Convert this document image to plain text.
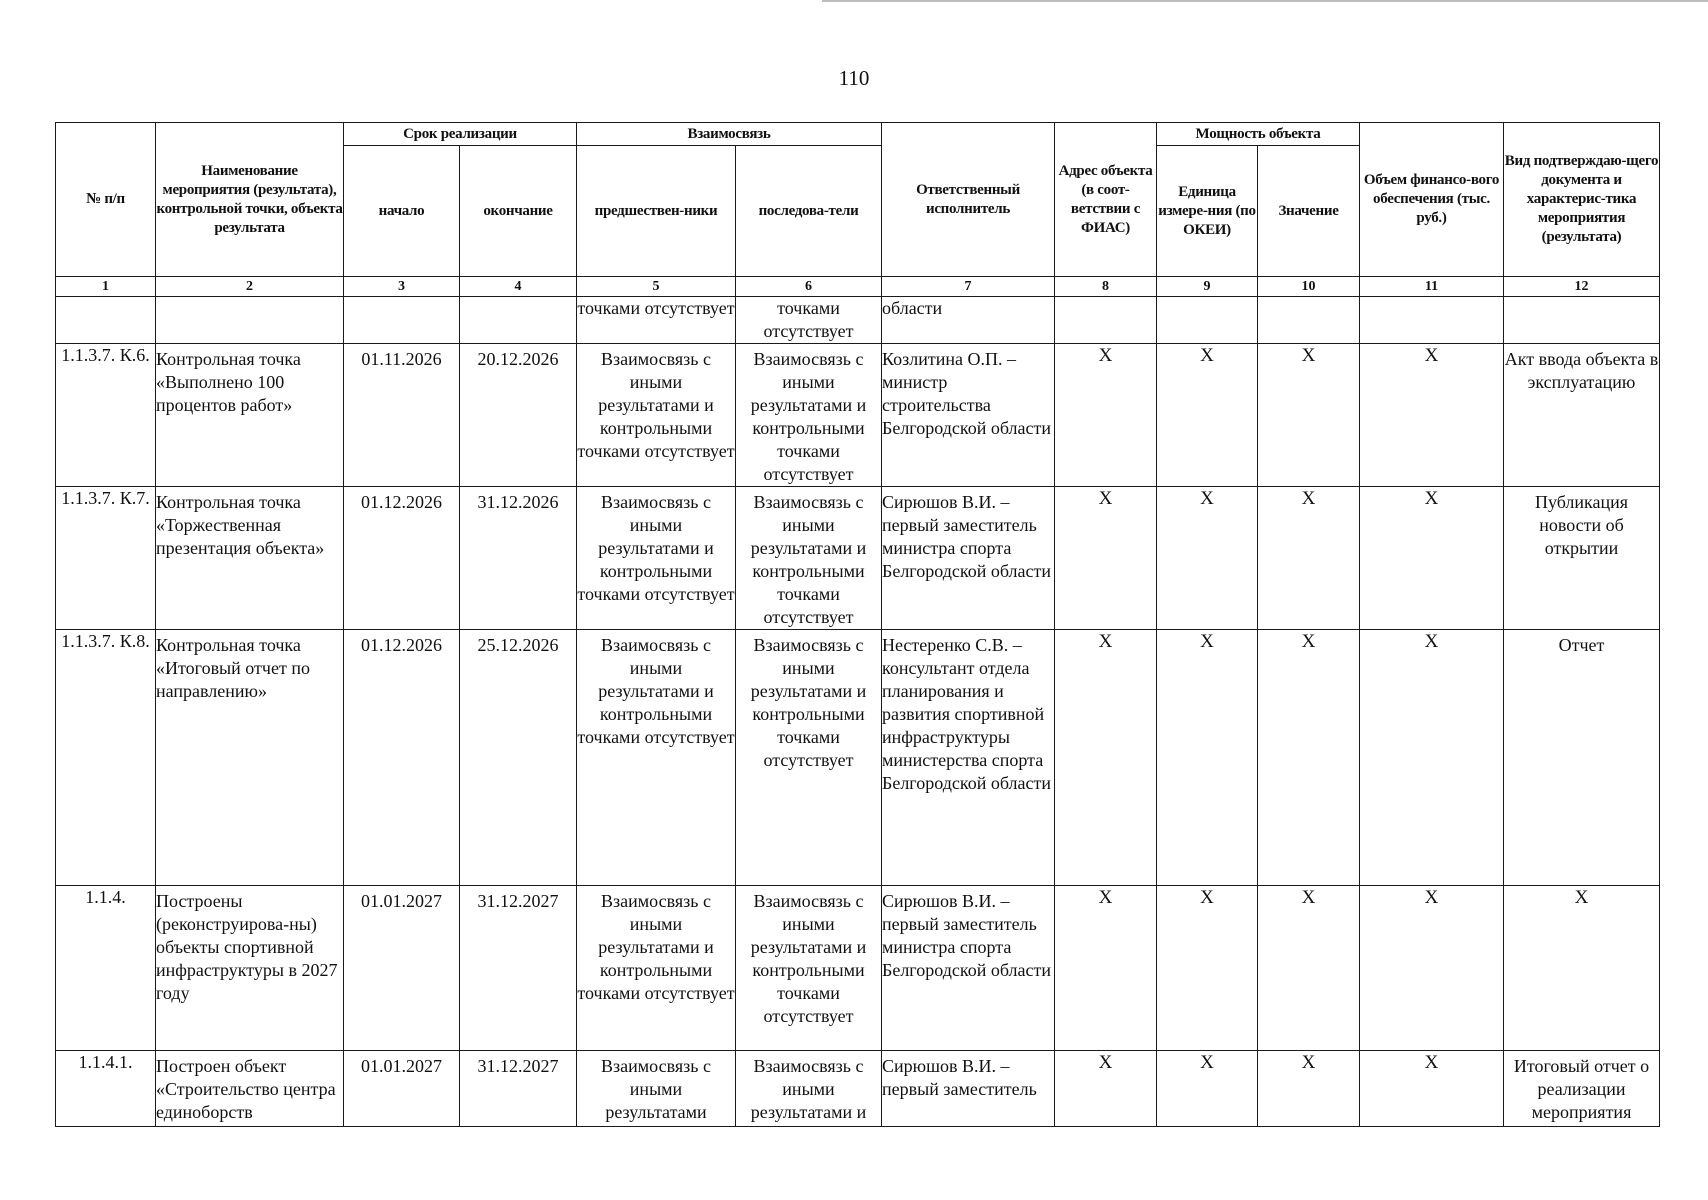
110
№ п/п	Наименование мероприятия (результата), контрольной точки, объекта результата	Срок реализации		Взаимосвязь		Ответственный исполнитель	Адрес объекта (в соот-ветствии с ФИАС)	Мощность объекта		Объем финансо-вого обеспечения (тыс. руб.)	Вид подтверждаю-щего документа и характерис-тика мероприятия (результата)
		начало	окончание	предшествен-ники	последова-тели			Единица измере-ния (по ОКЕИ)	Значение		
1	2	3	4	5	6	7	8	9	10	11	12
				точками отсутствует	точками отсутствует	области					
1.1.3.7. К.6.	Контрольная точка «Выполнено 100 процентов работ»	01.11.2026	20.12.2026	Взаимосвязь с иными результатами и контрольными точками отсутствует	Взаимосвязь с иными результатами и контрольными точками отсутствует	Козлитина О.П. – министр строительства Белгородской области	Х	Х	Х	Х	Акт ввода объекта в эксплуатацию
1.1.3.7. К.7.	Контрольная точка «Торжественная презентация объекта»	01.12.2026	31.12.2026	Взаимосвязь с иными результатами и контрольными точками отсутствует	Взаимосвязь с иными результатами и контрольными точками отсутствует	Сирюшов В.И. – первый заместитель министра спорта Белгородской области	Х	Х	Х	Х	Публикация новости об открытии
1.1.3.7. К.8.	Контрольная точка «Итоговый отчет по направлению»	01.12.2026	25.12.2026	Взаимосвязь с иными результатами и контрольными точками отсутствует	Взаимосвязь с иными результатами и контрольными точками отсутствует	Нестеренко С.В. – консультант отдела планирования и развития спортивной инфраструктуры министерства спорта Белгородской области	Х	Х	Х	Х	Отчет
1.1.4.	Построены (реконструирова-ны) объекты спортивной инфраструктуры в 2027 году	01.01.2027	31.12.2027	Взаимосвязь с иными результатами и контрольными точками отсутствует	Взаимосвязь с иными результатами и контрольными точками отсутствует	Сирюшов В.И. – первый заместитель министра спорта Белгородской области	Х	Х	Х	Х	Х
1.1.4.1.	Построен объект «Строительство центра единоборств	01.01.2027	31.12.2027	Взаимосвязь с иными результатами	Взаимосвязь с иными результатами и	Сирюшов В.И. – первый заместитель	Х	Х	Х	Х	Итоговый отчет о реализации мероприятия
